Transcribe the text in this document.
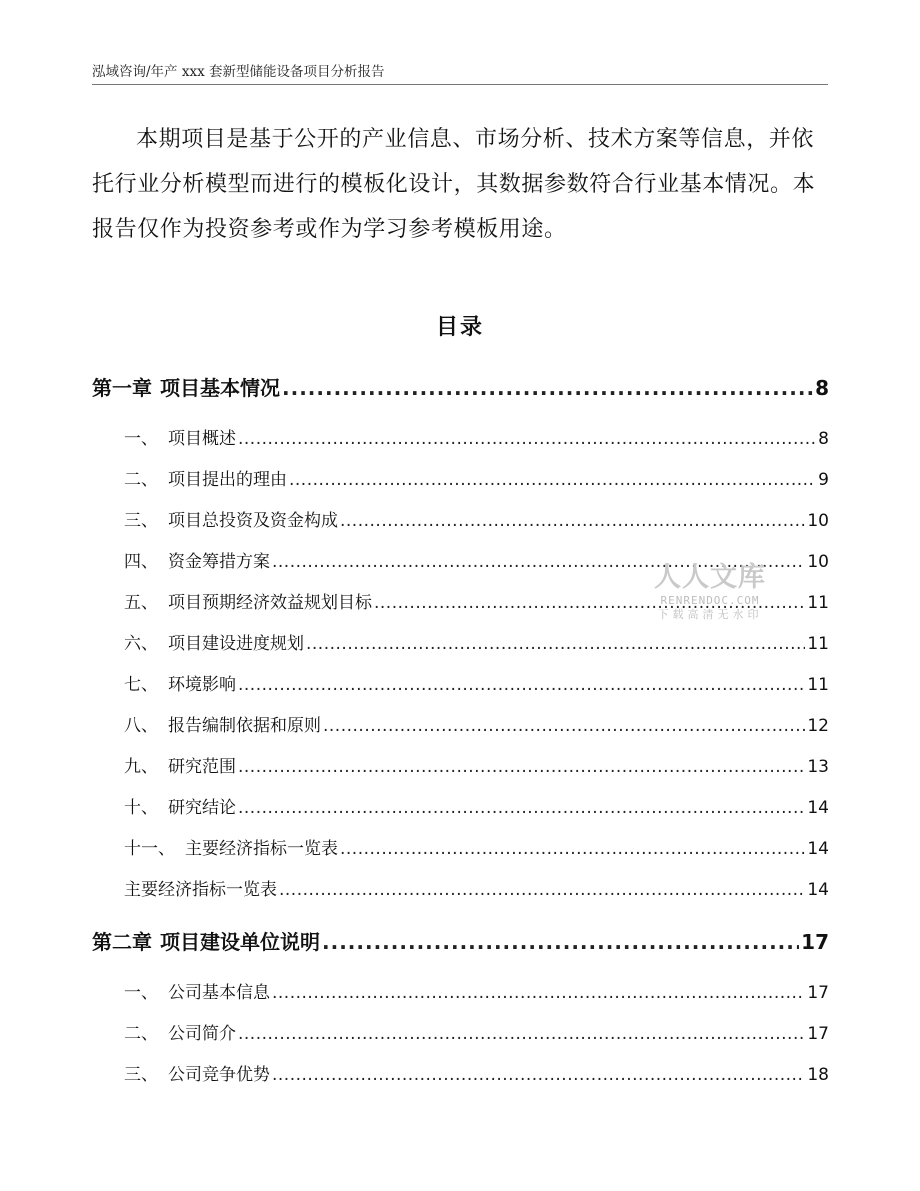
泓域咨询/年产 xxx 套新型储能设备项目分析报告

本期项目是基于公开的产业信息、市场分析、技术方案等信息，并依托行业分析模型而进行的模板化设计，其数据参数符合行业基本情况。本报告仅作为投资参考或作为学习参考模板用途。

目录
第一章 项目基本情况 .....	8
一、 项目概述 .....	8
二、 项目提出的理由 .....	9
三、 项目总投资及资金构成 .....	10
四、 资金筹措方案 .....	10
五、 项目预期经济效益规划目标 .....	11
六、 项目建设进度规划 .....	11
七、 环境影响 .....	11
八、 报告编制依据和原则 .....	12
九、 研究范围 .....	13
十、 研究结论 .....	14
十一、 主要经济指标一览表 .....	14
主要经济指标一览表 .....	14
第二章 项目建设单位说明 .....	17
一、 公司基本信息 .....	17
二、 公司简介 .....	17
三、 公司竞争优势 .....	18
人人文库
RENRENDOC.COM
下载高清无水印
